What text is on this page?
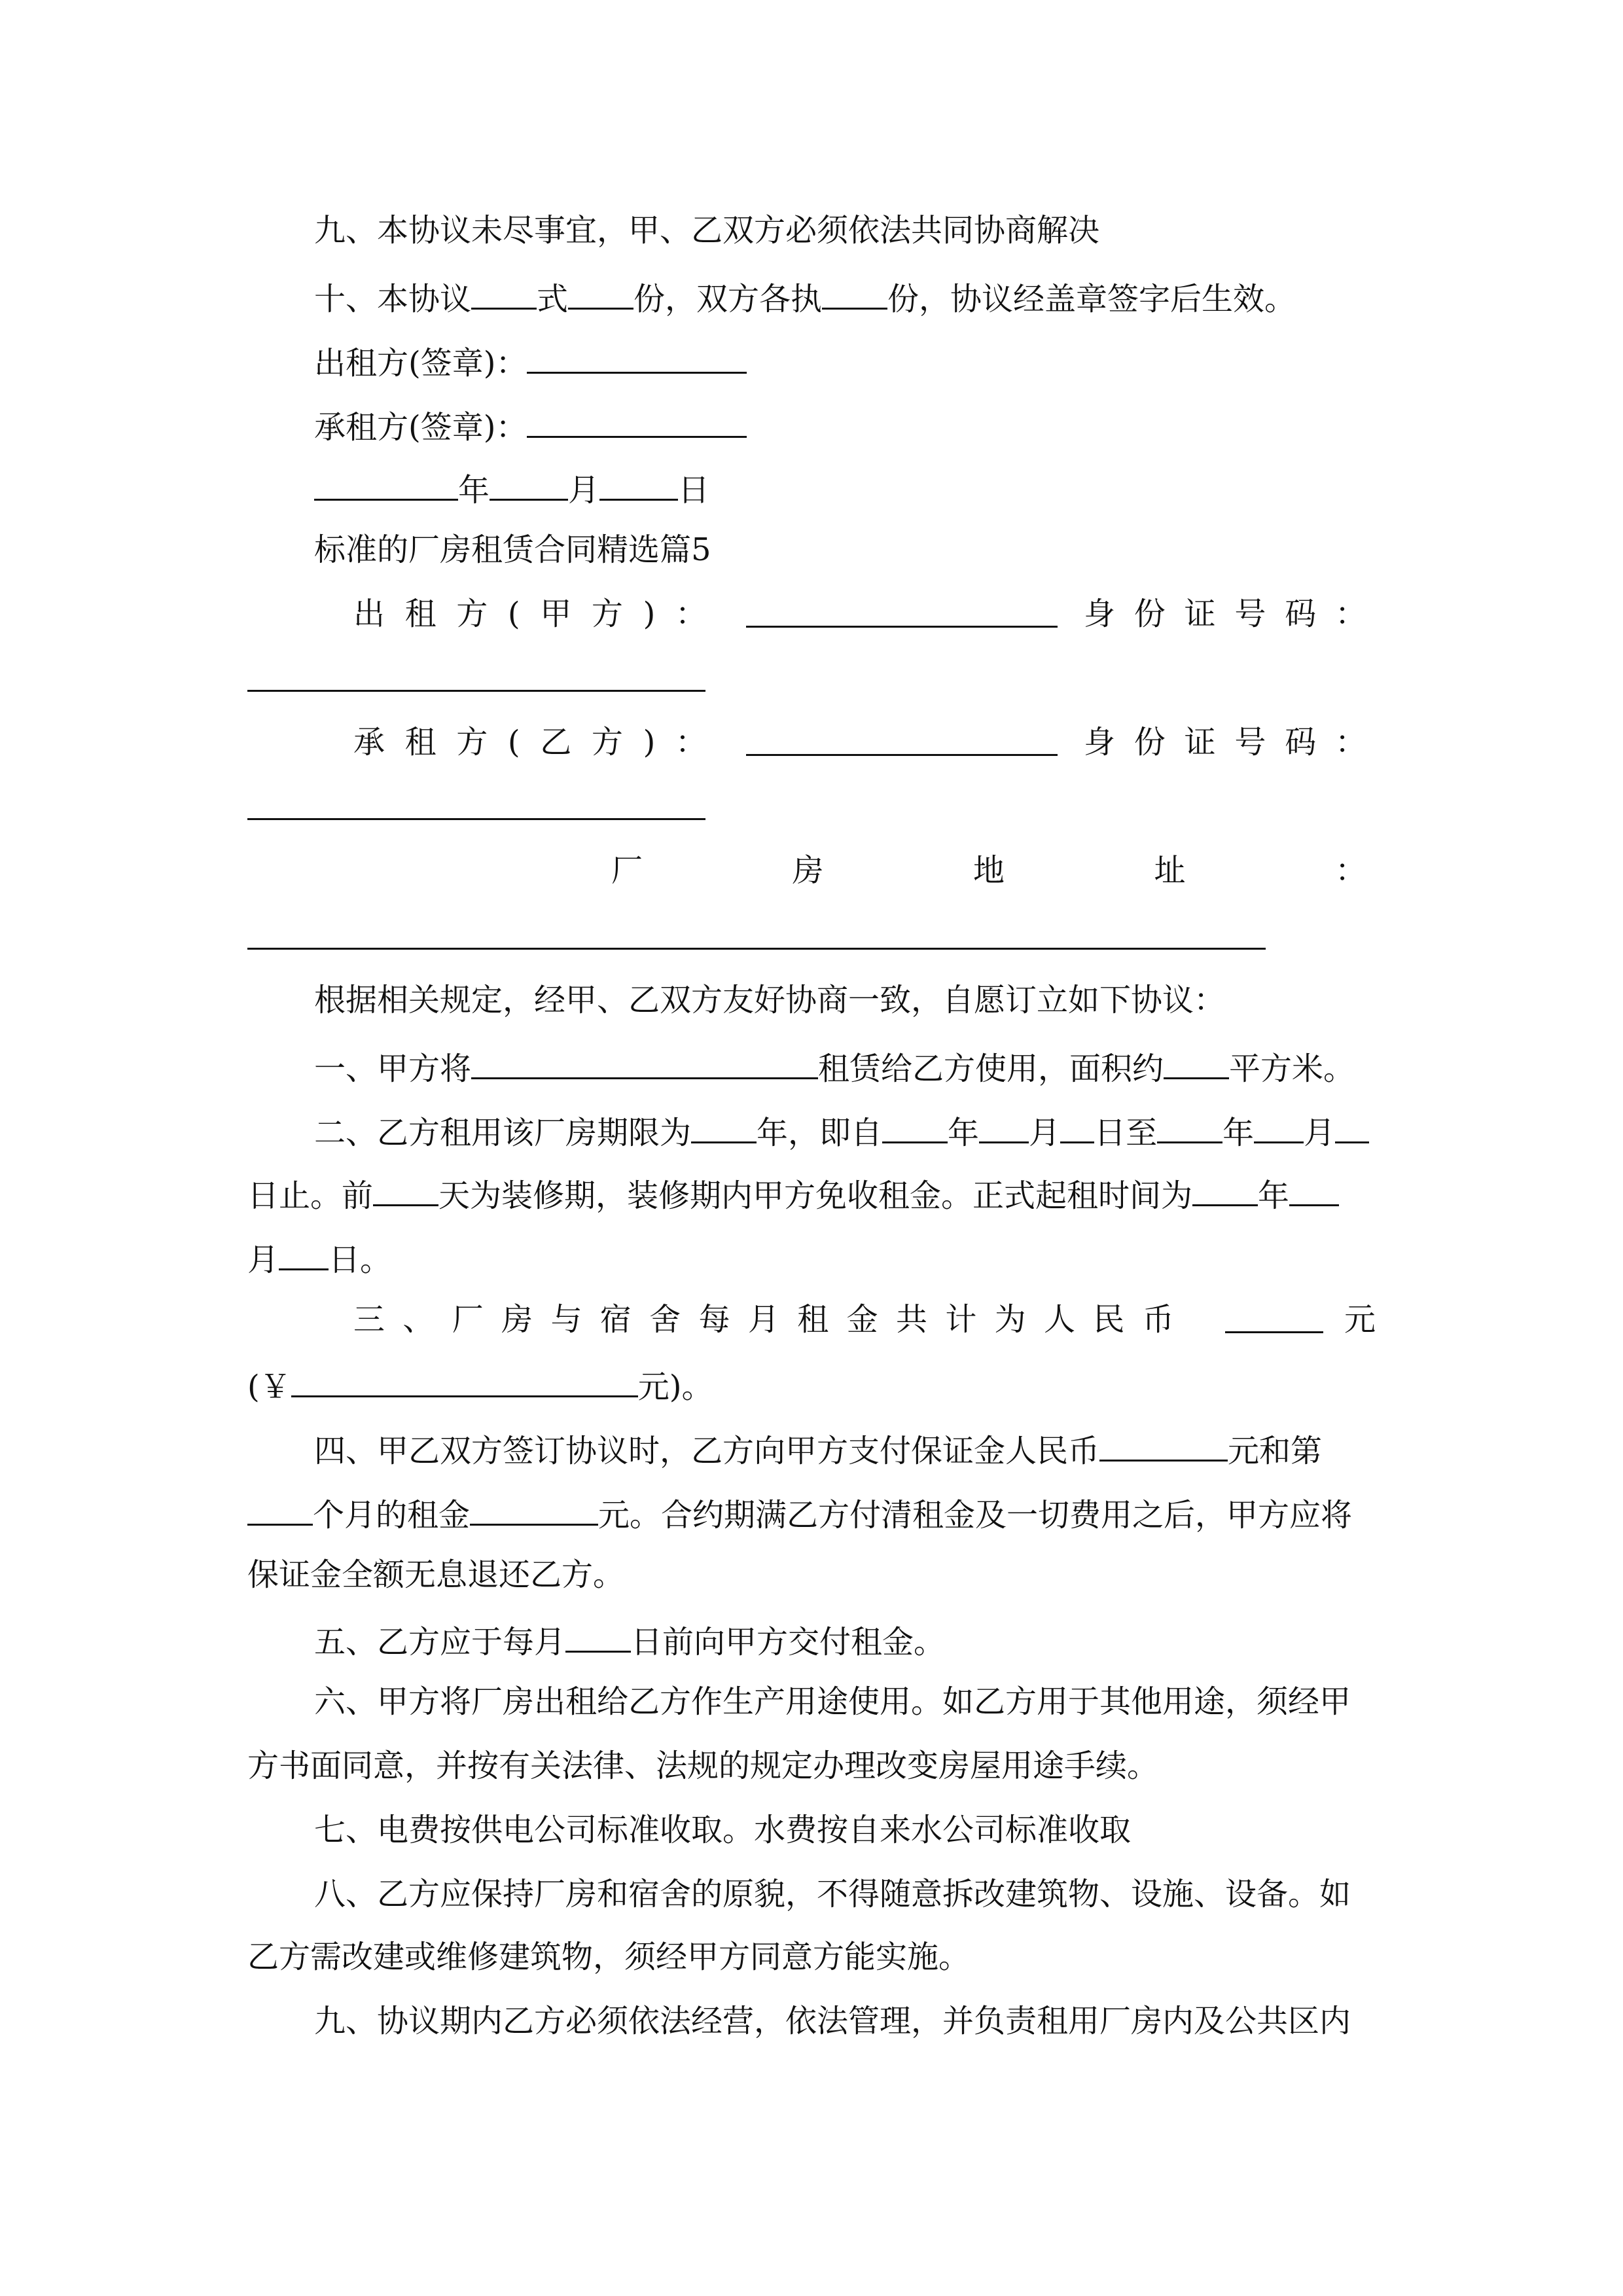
九、本协议未尽事宜，甲、乙双方必须依法共同协商解决
十、本协议 式 份，双方各执 份，协议经盖章签字后生效。
出租方(签章)：
承租方(签章)：
年	月	日
标准的厂房租赁合同精选篇5
出 租 方 ( 甲 方 ) ：	身 份 证 号 码 ：
承 租 方 ( 乙 方 ) ：	身 份 证 号 码 ：
厂	房	地	址	：
根据相关规定，经甲、乙双方友好协商一致，自愿订立如下协议：
一、甲方将	租赁给乙方使用，面积约 平方米。
二、乙方租用该厂房期限为 年，即自 年 月 日至 年 月
日止。前 天为装修期，装修期内甲方免收租金。正式起租时间为 年
月 日。
三 、 厂 房 与 宿 舍 每 月 租 金 共 计 为 人 民 币	元
(￥	元)。
四、甲乙双方签订协议时，乙方向甲方支付保证金人民币	元和第
个月的租金	元。合约期满乙方付清租金及一切费用之后，甲方应将
保证金全额无息退还乙方。
五、乙方应于每月 日前向甲方交付租金。
六、甲方将厂房出租给乙方作生产用途使用。如乙方用于其他用途，须经甲
方书面同意，并按有关法律、法规的规定办理改变房屋用途手续。
七、电费按供电公司标准收取。水费按自来水公司标准收取
八、乙方应保持厂房和宿舍的原貌，不得随意拆改建筑物、设施、设备。如
乙方需改建或维修建筑物，须经甲方同意方能实施。
九、协议期内乙方必须依法经营，依法管理，并负责租用厂房内及公共区内
